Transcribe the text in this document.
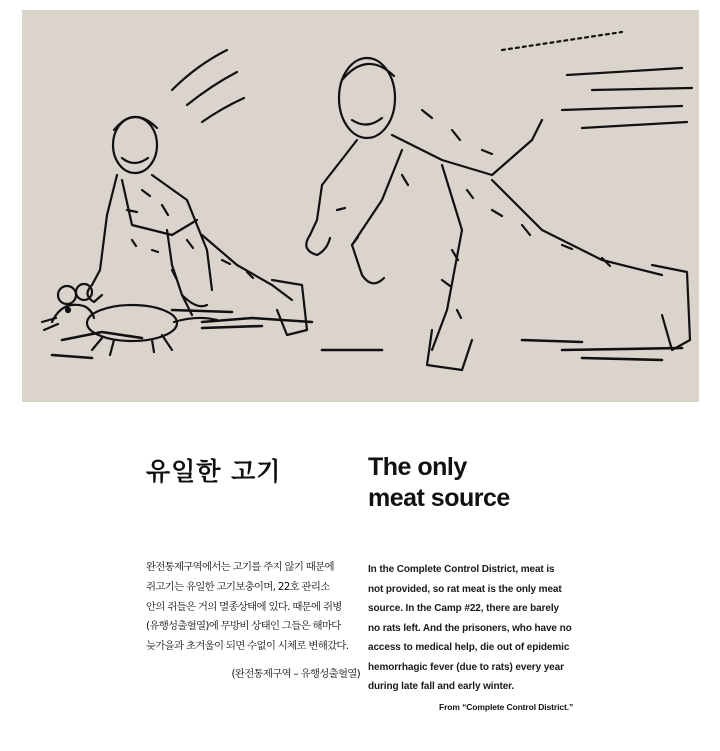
유일한 고기	The only
meat source
완전통제구역에서는 고기를 주지 않기 때문에
쥐고기는 유일한 고기보충이며, 22호 관리소
안의 쥐들은 거의 멸종상태에 있다. 때문에 쥐병
(유행성출혈열)에 무방비 상태인 그들은 해마다
늦가을과 초겨울이 되면 수없이 시체로 변해갔다.
(완전통제구역 – 유행성출혈열)
In the Complete Control District, meat is
not provided, so rat meat is the only meat
source. In the Camp #22, there are barely
no rats left. And the prisoners, who have no
access to medical help, die out of epidemic
hemorrhagic fever (due to rats) every year
during late fall and early winter.
From “Complete Control District.”
